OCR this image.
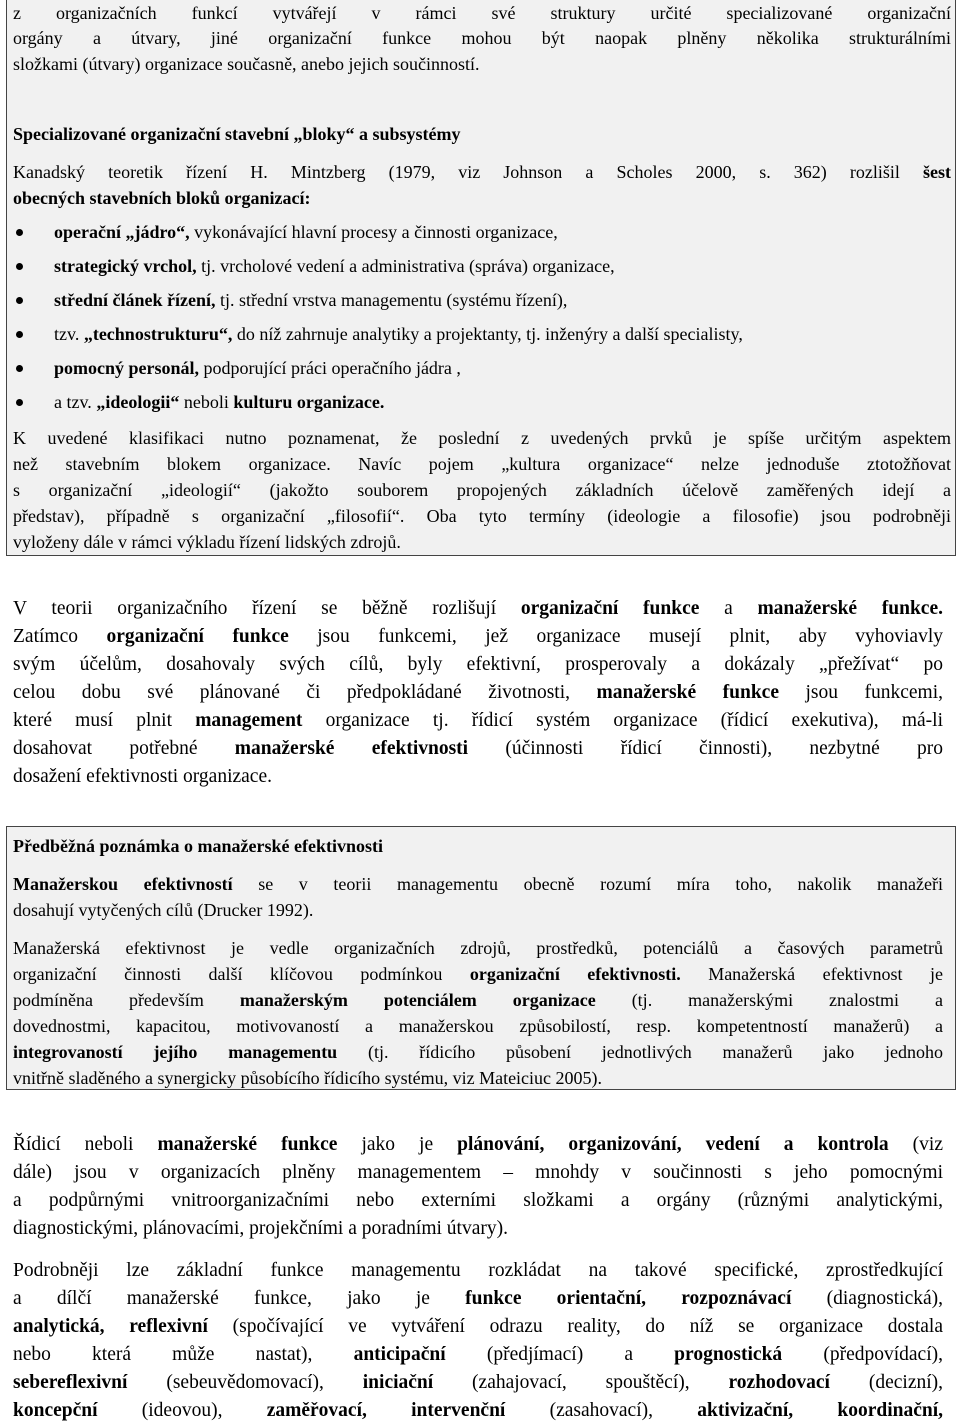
z organizačních funkcí vytvářejí v rámci své struktury určité specializované organizační
orgány a útvary, jiné organizační funkce mohou být naopak plněny několika strukturálními
složkami (útvary) organizace současně, anebo jejich součinností.
Specializované organizační stavební „bloky“ a subsystémy
Kanadský teoretik řízení H. Mintzberg (1979, viz Johnson a Scholes 2000, s. 362) rozlišil šest
obecných stavebních bloků organizací:
operační „jádro“, vykonávající hlavní procesy a činnosti organizace,
strategický vrchol, tj. vrcholové vedení a administrativa (správa) organizace,
střední článek řízení, tj. střední vrstva managementu (systému řízení),
tzv. „technostrukturu“, do níž zahrnuje analytiky a projektanty, tj. inženýry a další specialisty,
pomocný personál, podporující práci operačního jádra ,
a tzv. „ideologii“ neboli kulturu organizace.
K uvedené klasifikaci nutno poznamenat, že poslední z uvedených prvků je spíše určitým aspektem
než stavebním blokem organizace. Navíc pojem „kultura organizace“ nelze jednoduše ztotožňovat
s organizační „ideologií“ (jakožto souborem propojených základních účelově zaměřených idejí a
představ), případně s organizační „filosofií“. Oba tyto termíny (ideologie a filosofie) jsou podrobněji
vyloženy dále v rámci výkladu řízení lidských zdrojů.
V teorii organizačního řízení se běžně rozlišují organizační funkce a manažerské funkce.
Zatímco organizační funkce jsou funkcemi, jež organizace musejí plnit, aby vyhoviavly
svým účelům, dosahovaly svých cílů, byly efektivní, prosperovaly a dokázaly „přežívat“ po
celou dobu své plánované či předpokládané životnosti, manažerské funkce jsou funkcemi,
které musí plnit management organizace tj. řídicí systém organizace (řídicí exekutiva), má-li
dosahovat potřebné manažerské efektivnosti (účinnosti řídicí činnosti), nezbytné pro
dosažení efektivnosti organizace.
Předběžná poznámka o manažerské efektivnosti
Manažerskou efektivností se v teorii managementu obecně rozumí míra toho, nakolik manažeři
dosahují vytyčených cílů (Drucker 1992).
Manažerská efektivnost je vedle organizačních zdrojů, prostředků, potenciálů a časových parametrů
organizační činnosti další klíčovou podmínkou organizační efektivnosti. Manažerská efektivnost je
podmíněna především manažerským potenciálem organizace (tj. manažerskými znalostmi a
dovednostmi, kapacitou, motivovaností a manažerskou způsobilostí, resp. kompetentností manažerů) a
integrovaností jejího managementu (tj. řídicího působení jednotlivých manažerů jako jednoho
vnitřně sladěného a synergicky působícího řídicího systému, viz Mateiciuc 2005).
Řídicí neboli manažerské funkce jako je plánování, organizování, vedení a kontrola (viz
dále) jsou v organizacích plněny managementem – mnohdy v součinnosti s jeho pomocnými
a podpůrnými vnitroorganizačními nebo externími složkami a orgány (různými analytickými,
diagnostickými, plánovacími, projekčními a poradními útvary).
Podrobněji lze základní funkce managementu rozkládat na takové specifické, zprostředkující
a dílčí manažerské funkce, jako je funkce orientační, rozpoznávací (diagnostická),
analytická, reflexivní (spočívající ve vytváření odrazu reality, do níž se organizace dostala
nebo která může nastat), anticipační (předjímací) a prognostická (předpovídací),
sebereflexivní (sebeuvědomovací), iniciační (zahajovací, spouštěcí), rozhodovací (decizní),
koncepční (ideovou), zaměřovací, intervenční (zasahovací), aktivizační, koordinační,
